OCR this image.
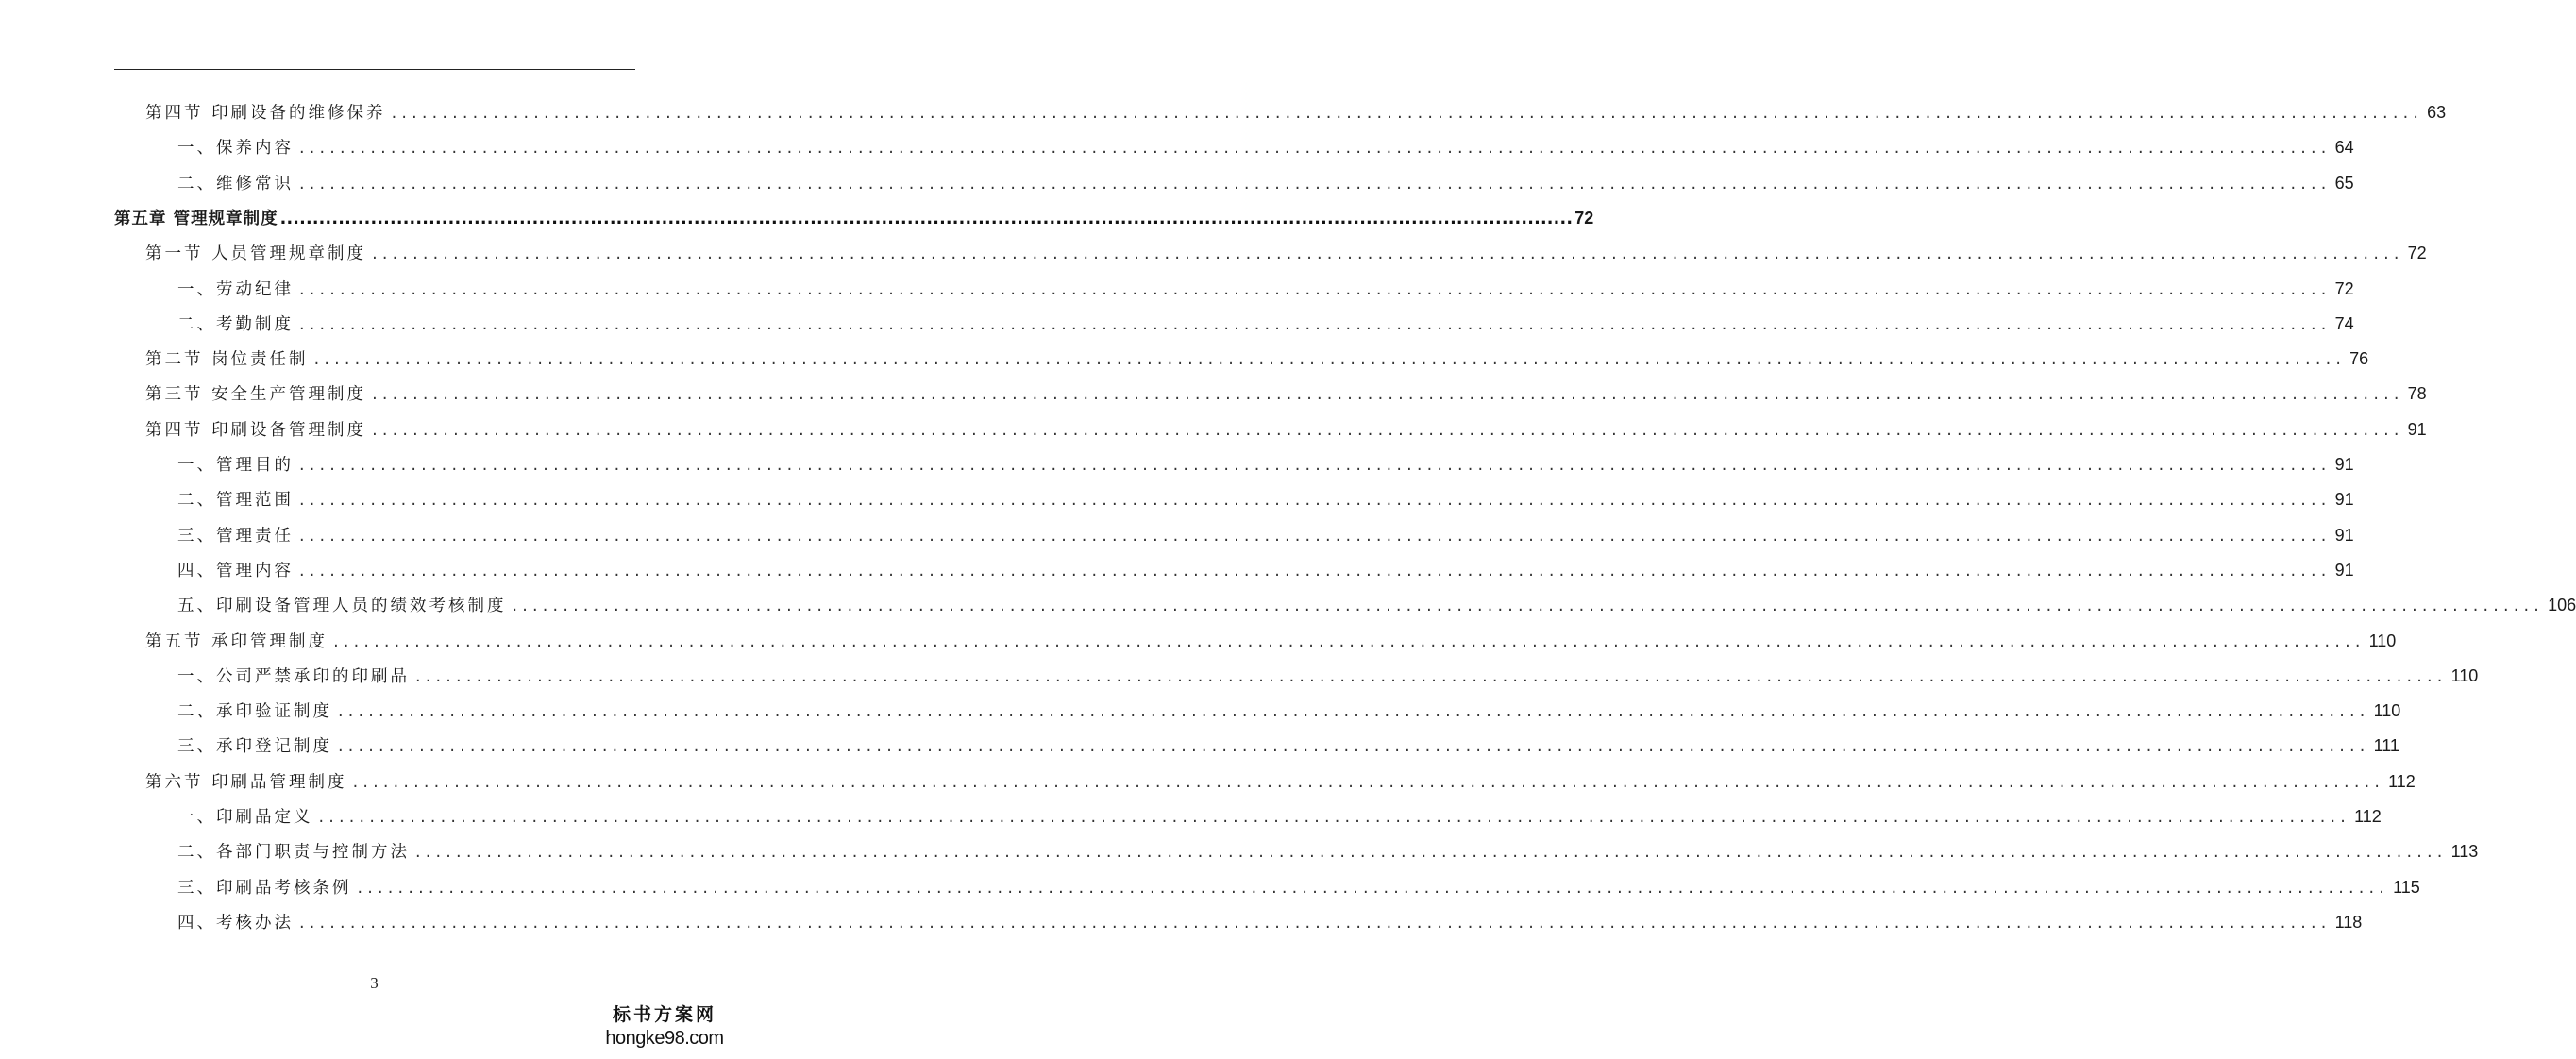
第四节 印刷设备的维修保养 ........................................................................................................................................................................................................ 63
一、保养内容 ........................................................................................................................................................................................................ 64
二、维修常识 ........................................................................................................................................................................................................ 65
第五章 管理规章制度 ........................................................................................................................................................................................................ 72
第一节 人员管理规章制度 ........................................................................................................................................................................................................ 72
一、劳动纪律 ........................................................................................................................................................................................................ 72
二、考勤制度 ........................................................................................................................................................................................................ 74
第二节 岗位责任制 ........................................................................................................................................................................................................ 76
第三节 安全生产管理制度 ........................................................................................................................................................................................................ 78
第四节 印刷设备管理制度 ........................................................................................................................................................................................................ 91
一、管理目的 ........................................................................................................................................................................................................ 91
二、管理范围 ........................................................................................................................................................................................................ 91
三、管理责任 ........................................................................................................................................................................................................ 91
四、管理内容 ........................................................................................................................................................................................................ 91
五、印刷设备管理人员的绩效考核制度 ........................................................................................................................................................................................................ 106
第五节 承印管理制度 ........................................................................................................................................................................................................ 110
一、公司严禁承印的印刷品 ........................................................................................................................................................................................................ 110
二、承印验证制度 ........................................................................................................................................................................................................ 110
三、承印登记制度 ........................................................................................................................................................................................................ 111
第六节 印刷品管理制度 ........................................................................................................................................................................................................ 112
一、印刷品定义 ........................................................................................................................................................................................................ 112
二、各部门职责与控制方法 ........................................................................................................................................................................................................ 113
三、印刷品考核条例 ........................................................................................................................................................................................................ 115
四、考核办法 ........................................................................................................................................................................................................ 118
3
标书方案网
hongke98.com
